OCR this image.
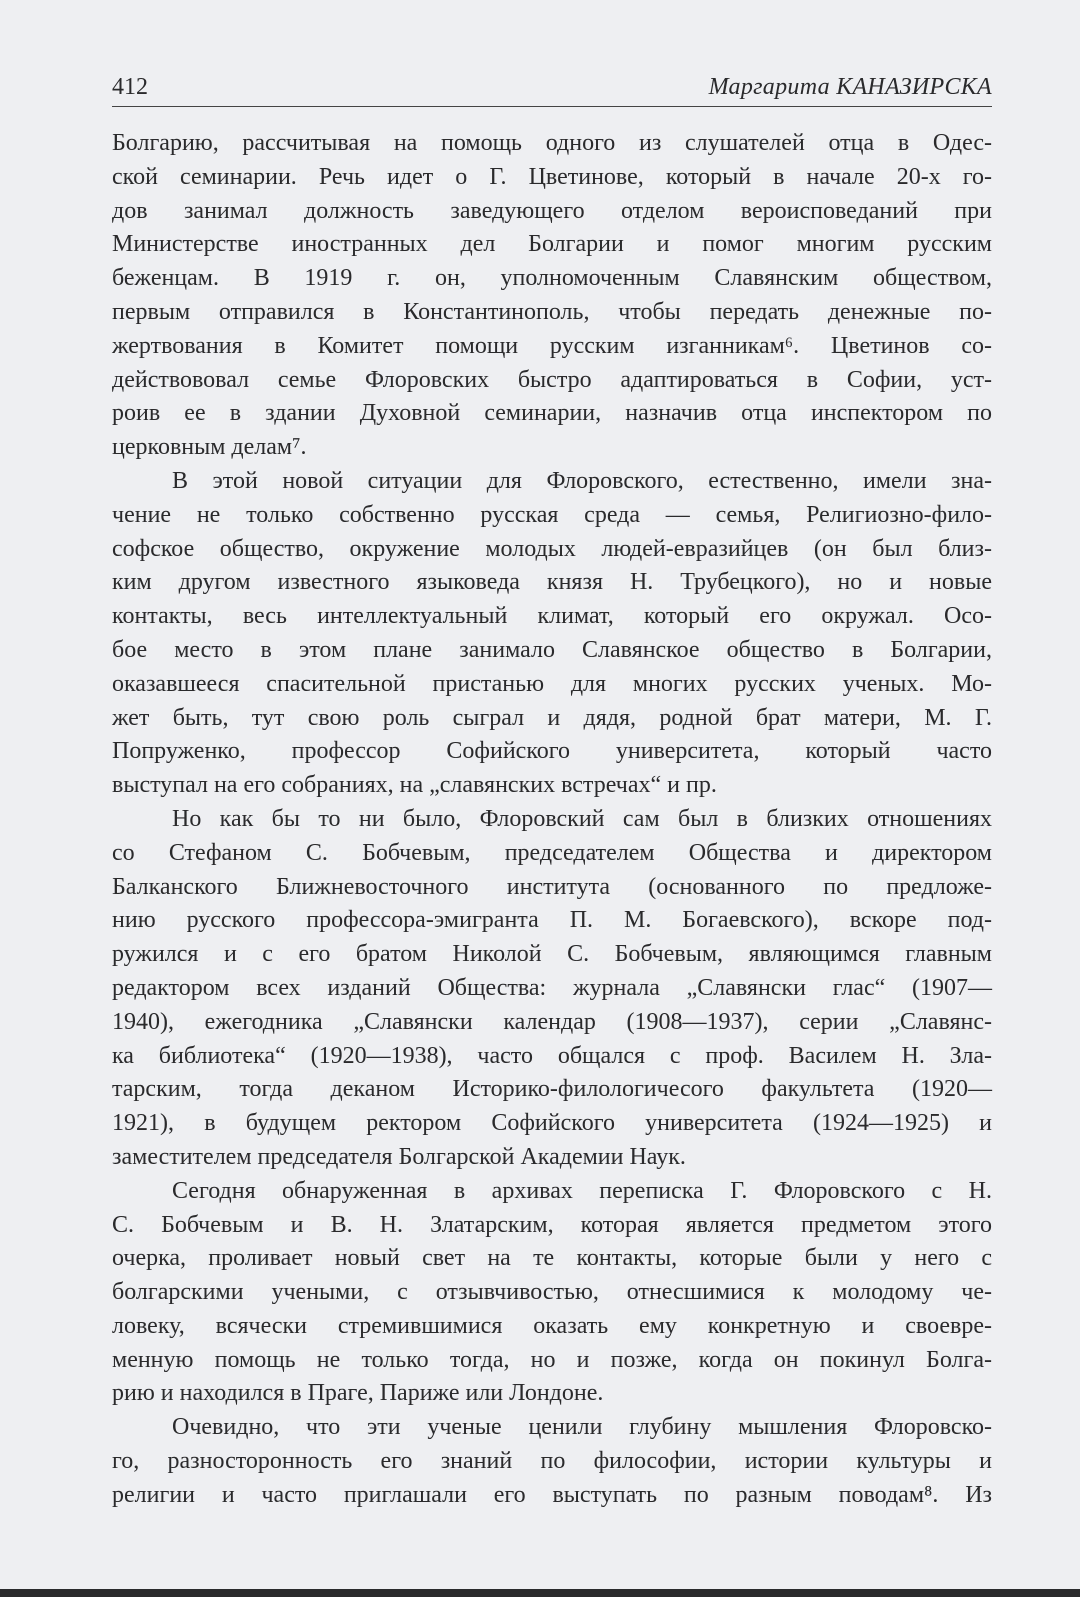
412	Маргарита КАНАЗИРСКА
Болгарию, рассчитывая на помощь одного из слушателей отца в Одес-
ской семинарии. Речь идет о Г. Цветинове, который в начале 20-х го-
дов занимал должность заведующего отделом вероисповеданий при
Министерстве иностранных дел Болгарии и помог многим русским
беженцам. В 1919 г. он, уполномоченным Славянским обществом,
первым отправился в Константинополь, чтобы передать денежные по-
жертвования в Комитет помощи русским изганникам⁶. Цветинов со-
действововал семье Флоровских быстро адаптироваться в Софии, уст-
роив ее в здании Духовной семинарии, назначив отца инспектором по
церковным делам⁷.
В этой новой ситуации для Флоровского, естественно, имели зна-
чение не только собственно русская среда — семья, Религиозно-фило-
софское общество, окружение молодых людей-евразийцев (он был близ-
ким другом известного языковеда князя Н. Трубецкого), но и новые
контакты, весь интеллектуальный климат, который его окружал. Осо-
бое место в этом плане занимало Славянское общество в Болгарии,
оказавшееся спасительной пристанью для многих русских ученых. Мо-
жет быть, тут свою роль сыграл и дядя, родной брат матери, М. Г.
Попруженко, профессор Софийского университета, который часто
выступал на его собраниях, на „славянских встречах“ и пр.
Но как бы то ни было, Флоровский сам был в близких отношениях
со Стефаном С. Бобчевым, председателем Общества и директором
Балканского Ближневосточного института (основанного по предложе-
нию русского профессора-эмигранта П. М. Богаевского), вскоре под-
ружился и с его братом Николой С. Бобчевым, являющимся главным
редактором всех изданий Общества: журнала „Славянски глас“ (1907—
1940), ежегодника „Славянски календар (1908—1937), серии „Славянс-
ка библиотека“ (1920—1938), часто общался с проф. Василем Н. Зла-
тарским, тогда деканом Историко-филологичесого факультета (1920—
1921), в будущем ректором Софийского университета (1924—1925) и
заместителем председателя Болгарской Академии Наук.
Сегодня обнаруженная в архивах переписка Г. Флоровского с Н.
С. Бобчевым и В. Н. Златарским, которая является предметом этого
очерка, проливает новый свет на те контакты, которые были у него с
болгарскими учеными, с отзывчивостью, отнесшимися к молодому че-
ловеку, всячески стремившимися оказать ему конкретную и своевре-
менную помощь не только тогда, но и позже, когда он покинул Болга-
рию и находился в Праге, Париже или Лондоне.
Очевидно, что эти ученые ценили глубину мышления Флоровско-
го, разносторонность его знаний по философии, истории культуры и
религии и часто приглашали его выступать по разным поводам⁸. Из
